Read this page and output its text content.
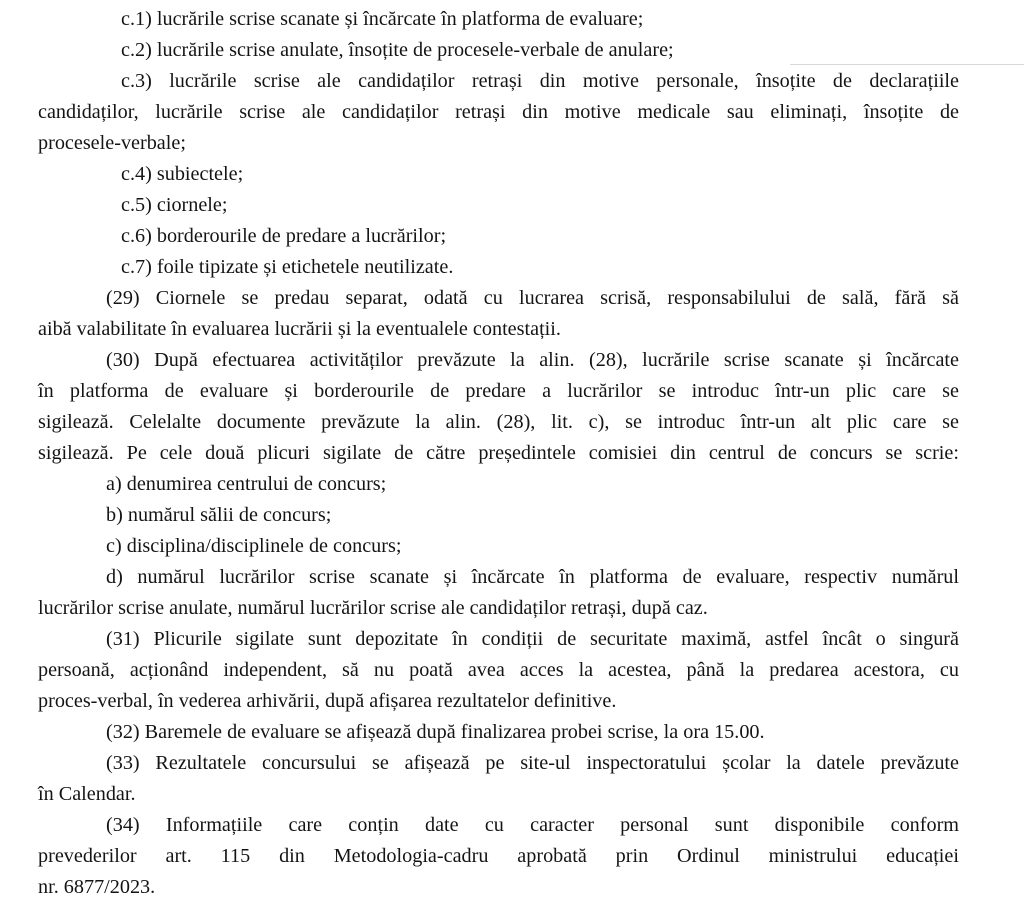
c.1) lucrările scrise scanate și încărcate în platforma de evaluare;
c.2) lucrările scrise anulate, însoțite de procesele-verbale de anulare;
c.3) lucrările scrise ale candidaților retrași din motive personale, însoțite de declarațiile
candidaților, lucrările scrise ale candidaților retrași din motive medicale sau eliminați, însoțite de
procesele-verbale;
c.4) subiectele;
c.5) ciornele;
c.6) borderourile de predare a lucrărilor;
c.7) foile tipizate și etichetele neutilizate.
(29) Ciornele se predau separat, odată cu lucrarea scrisă, responsabilului de sală, fără să
aibă valabilitate în evaluarea lucrării și la eventualele contestații.
(30) După efectuarea activităților prevăzute la alin. (28), lucrările scrise scanate și încărcate
în platforma de evaluare și borderourile de predare a lucrărilor se introduc într-un plic care se
sigilează. Celelalte documente prevăzute la alin. (28), lit. c), se introduc într-un alt plic care se
sigilează. Pe cele două plicuri sigilate de către președintele comisiei din centrul de concurs se scrie:
a) denumirea centrului de concurs;
b) numărul sălii de concurs;
c) disciplina/disciplinele de concurs;
d) numărul lucrărilor scrise scanate și încărcate în platforma de evaluare, respectiv numărul
lucrărilor scrise anulate, numărul lucrărilor scrise ale candidaților retrași, după caz.
(31) Plicurile sigilate sunt depozitate în condiții de securitate maximă, astfel încât o singură
persoană, acționând independent, să nu poată avea acces la acestea, până la predarea acestora, cu
proces-verbal, în vederea arhivării, după afișarea rezultatelor definitive.
(32) Baremele de evaluare se afișează după finalizarea probei scrise, la ora 15.00.
(33) Rezultatele concursului se afișează pe site-ul inspectoratului școlar la datele prevăzute
în Calendar.
(34) Informațiile care conțin date cu caracter personal sunt disponibile conform
prevederilor art. 115 din Metodologia-cadru aprobată prin Ordinul ministrului educației
nr. 6877/2023.
